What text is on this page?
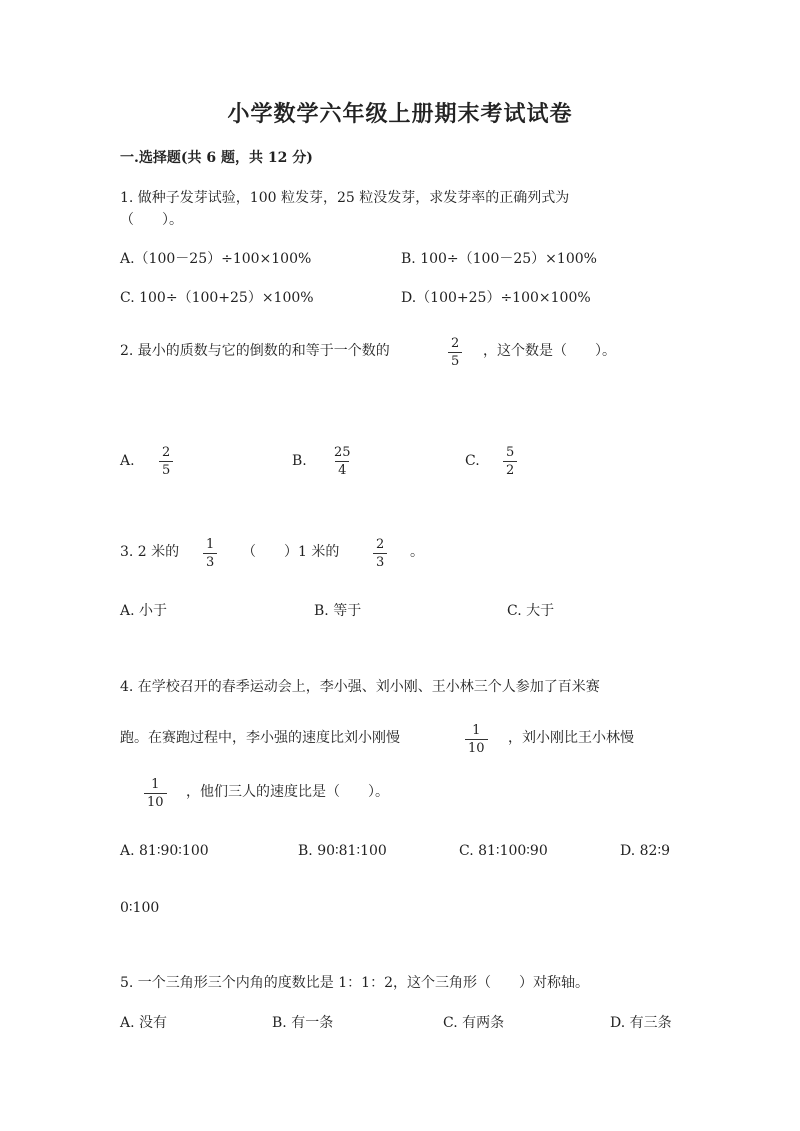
小学数学六年级上册期末考试试卷
一.选择题(共 6 题，共 12 分)
1. 做种子发芽试验，100 粒发芽，25 粒没发芽，求发芽率的正确列式为
（　　）。
A.（100－25）÷100×100%	B. 100÷（100－25）×100%
C. 100÷（100+25）×100%	D.（100+25）÷100×100%
2. 最小的质数与它的倒数的和等于一个数的	$\frac{2}{5}$ ，这个数是（　　）。
A. $\frac{2}{5}$	B. $\frac{25}{4}$	C. $\frac{5}{2}$
3. 2 米的 $\frac{1}{3}$ （　　）1 米的	$\frac{2}{3}$ 。
A. 小于	B. 等于	C. 大于
4. 在学校召开的春季运动会上，李小强、刘小刚、王小林三个人参加了百米赛
跑。在赛跑过程中，李小强的速度比刘小刚慢	$\frac{1}{10}$ ，刘小刚比王小林慢
$\frac{1}{10}$ ，他们三人的速度比是（　　）。
A. 81∶90∶100	B. 90∶81∶100	C. 81∶100∶90	D. 82∶9
0∶100
5. 一个三角形三个内角的度数比是 1：1：2，这个三角形（　　）对称轴。
A. 没有	B. 有一条	C. 有两条	D. 有三条
